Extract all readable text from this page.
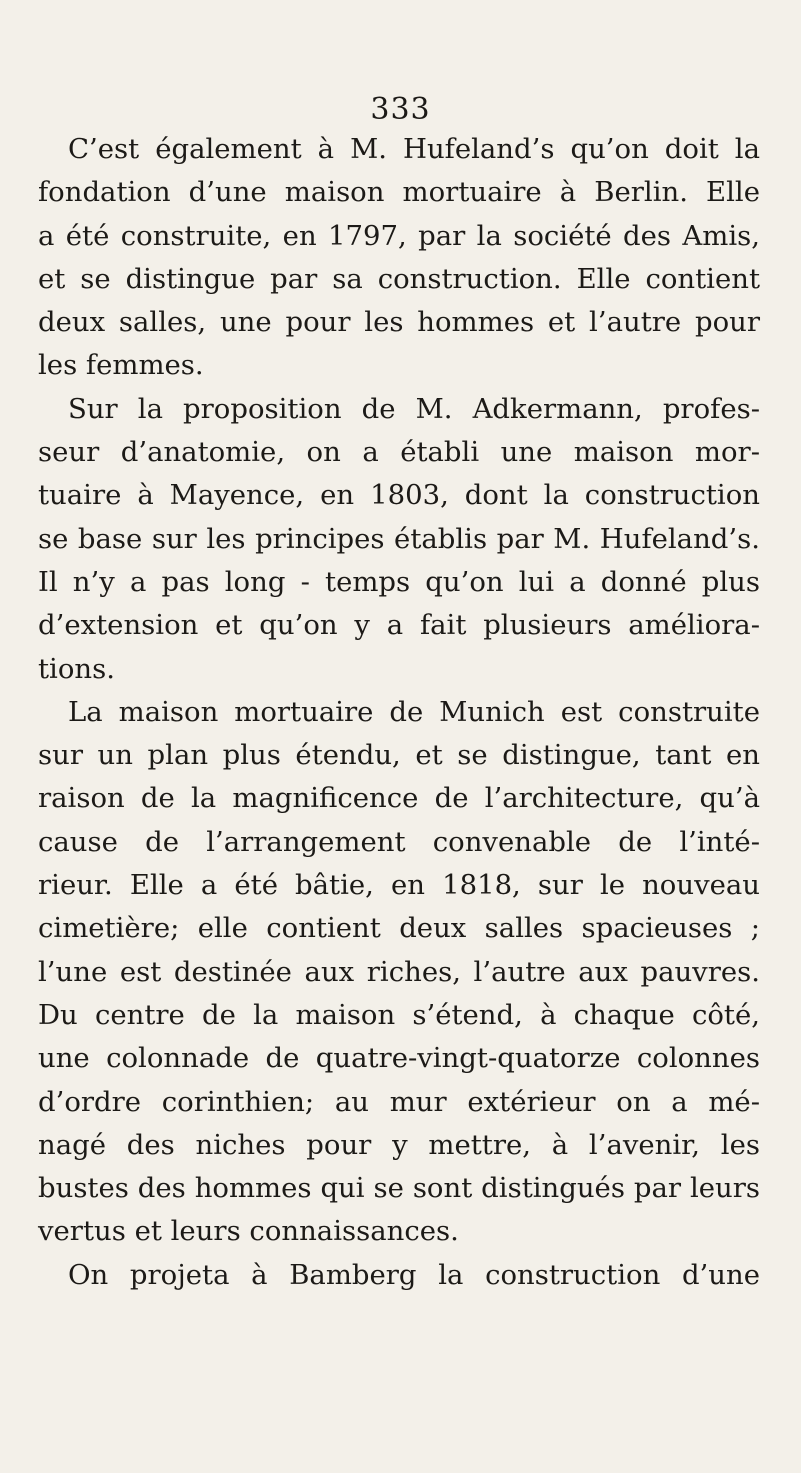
333
C’est également à M. Hufeland’s qu’on doit la
fondation d’une maison mortuaire à Berlin. Elle
a été construite, en 1797, par la société des Amis,
et se distingue par sa construction. Elle contient
deux salles, une pour les hommes et l’autre pour
les femmes.
Sur la proposition de M. Adkermann, profes-
seur d’anatomie, on a établi une maison mor-
tuaire à Mayence, en 1803, dont la construction
se base sur les principes établis par M. Hufeland’s.
Il n’y a pas long - temps qu’on lui a donné plus
d’extension et qu’on y a fait plusieurs améliora-
tions.
La maison mortuaire de Munich est construite
sur un plan plus étendu, et se distingue, tant en
raison de la magnificence de l’architecture, qu’à
cause de l’arrangement convenable de l’inté-
rieur. Elle a été bâtie, en 1818, sur le nouveau
cimetière; elle contient deux salles spacieuses ;
l’une est destinée aux riches, l’autre aux pauvres.
Du centre de la maison s’étend, à chaque côté,
une colonnade de quatre-vingt-quatorze colonnes
d’ordre corinthien; au mur extérieur on a mé-
nagé des niches pour y mettre, à l’avenir, les
bustes des hommes qui se sont distingués par leurs
vertus et leurs connaissances.
On projeta à Bamberg la construction d’une
